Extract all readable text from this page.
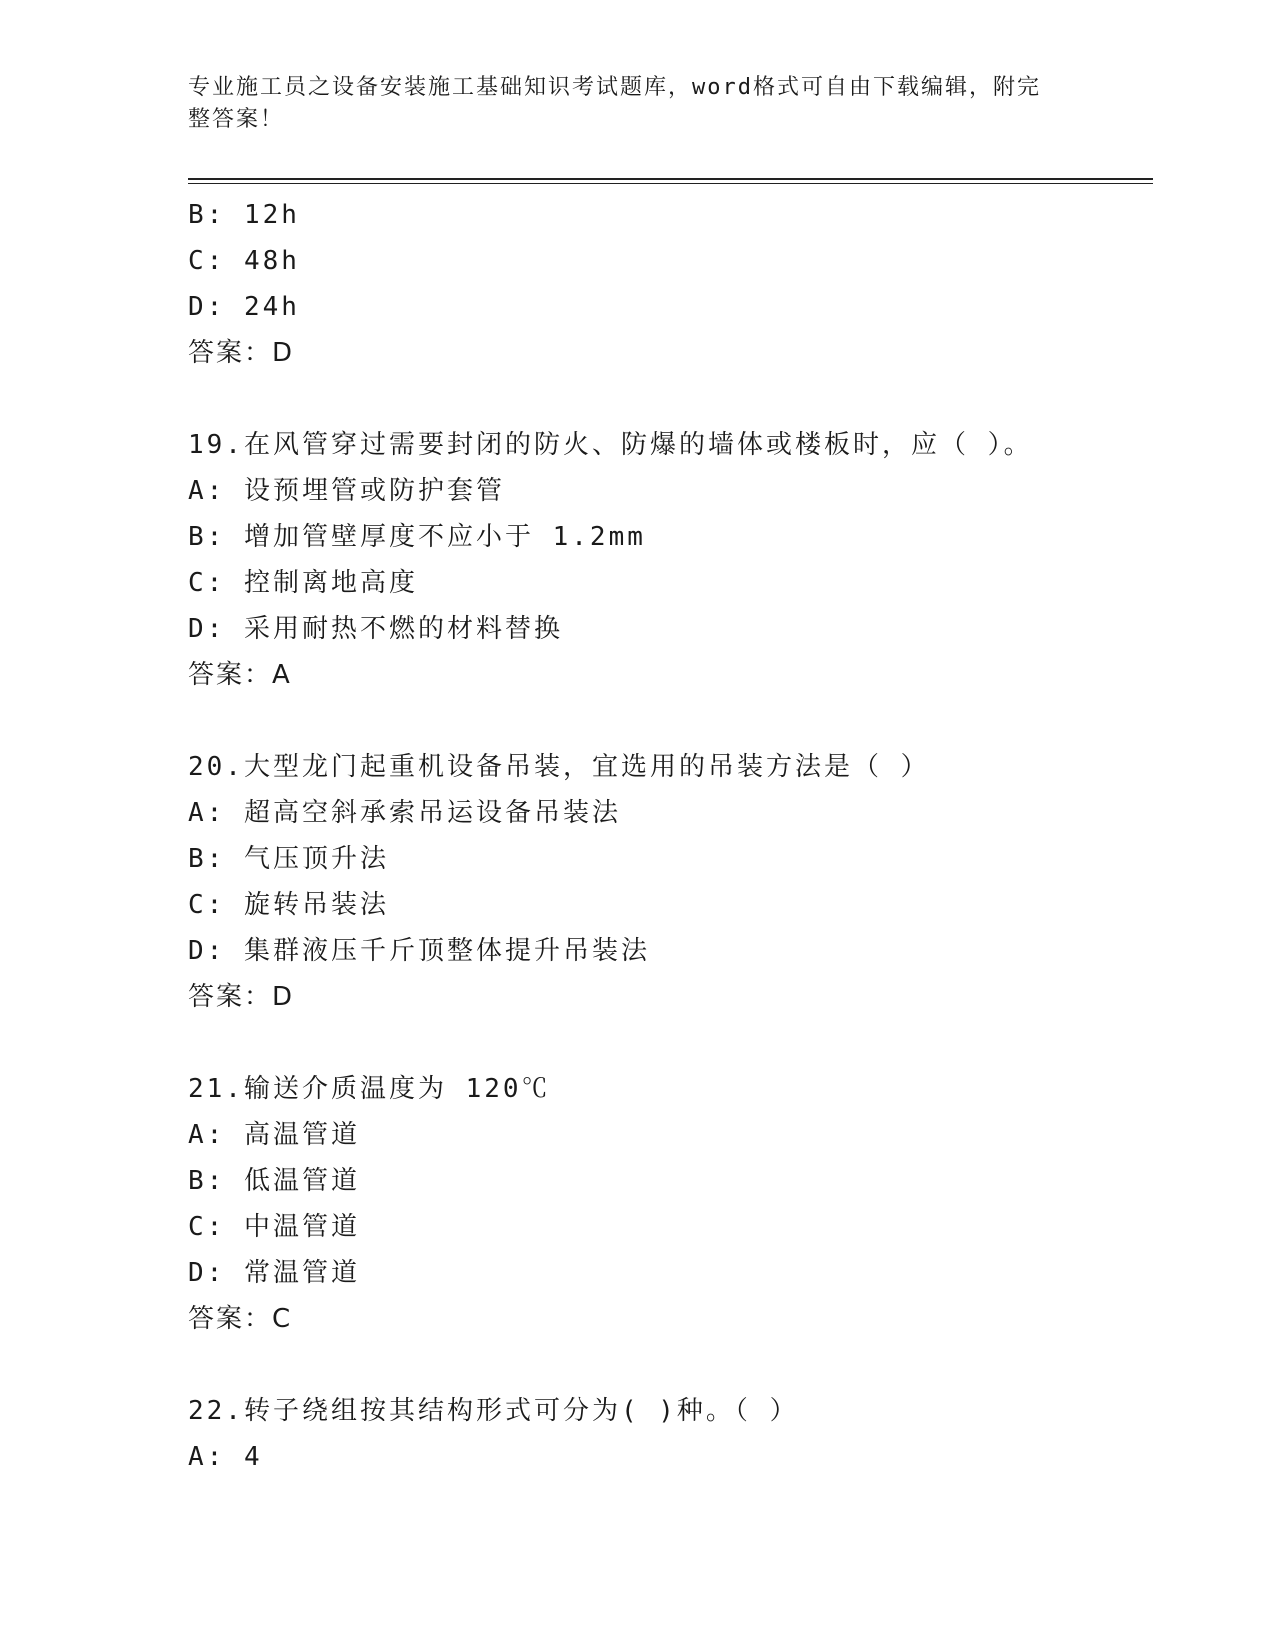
专业施工员之设备安装施工基础知识考试题库，word格式可自由下载编辑，附完
整答案！
B: 12h
C: 48h
D: 24h
答案：D
19.在风管穿过需要封闭的防火、防爆的墙体或楼板时，应（ ）。
A: 设预埋管或防护套管
B: 增加管壁厚度不应小于 1.2mm
C: 控制离地高度
D: 采用耐热不燃的材料替换
答案：A
20.大型龙门起重机设备吊装，宜选用的吊装方法是（ ）
A: 超高空斜承索吊运设备吊装法
B: 气压顶升法
C: 旋转吊装法
D: 集群液压千斤顶整体提升吊装法
答案：D
21.输送介质温度为 120℃
A: 高温管道
B: 低温管道
C: 中温管道
D: 常温管道
答案：C
22.转子绕组按其结构形式可分为( )种。（ ）
A: 4
